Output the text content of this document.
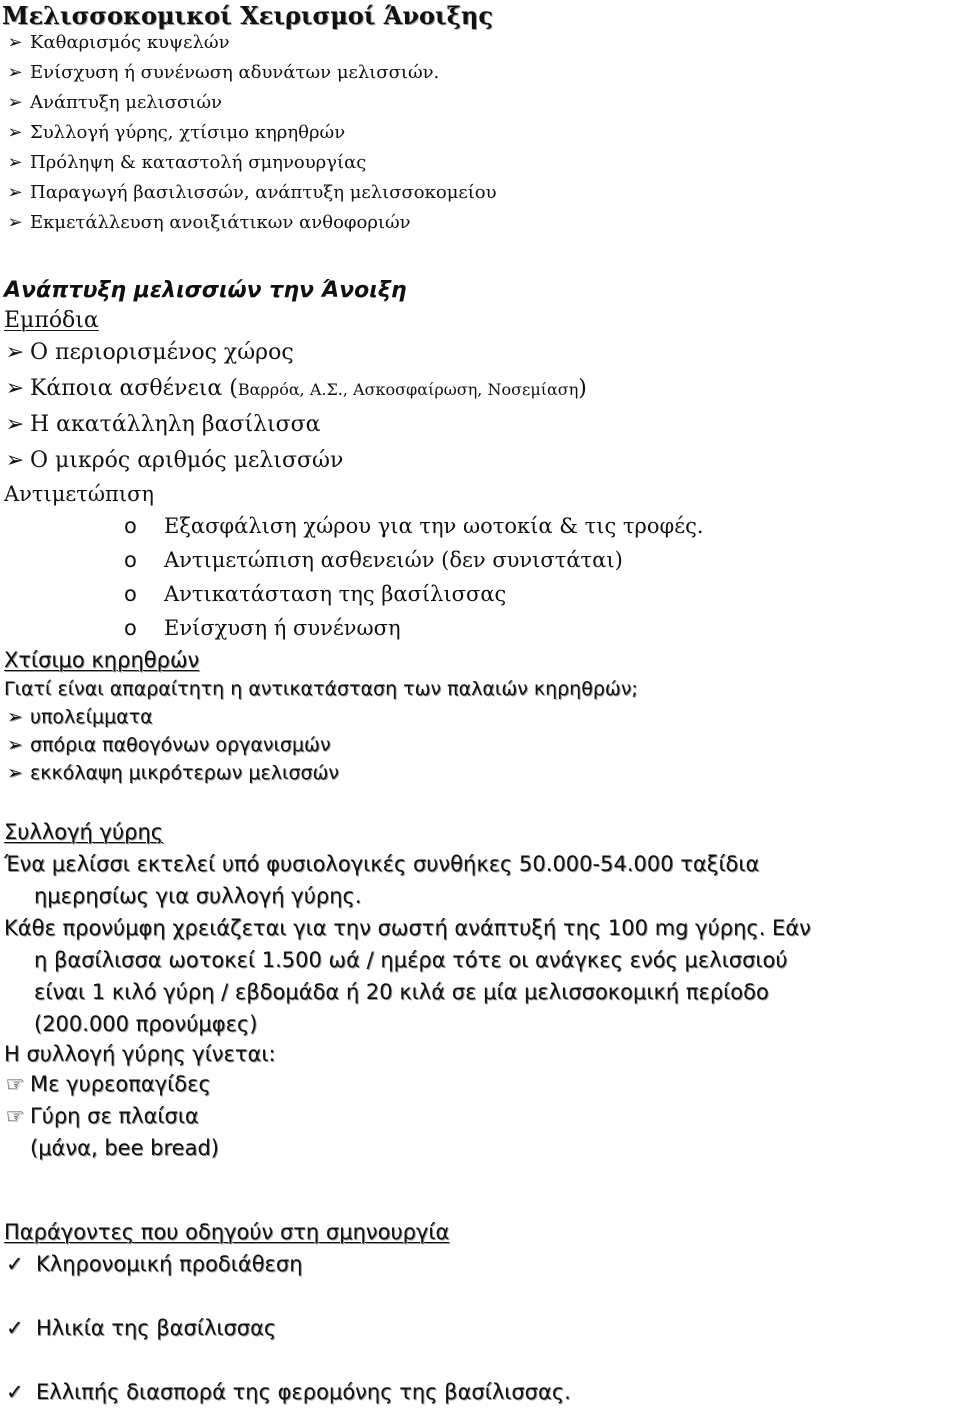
Μελισσοκομικοί Χειρισμοί Άνοιξης
➢ Καθαρισμός κυψελών
➢ Ενίσχυση ή συνένωση αδυνάτων μελισσιών.
➢ Ανάπτυξη μελισσιών
➢ Συλλογή γύρης, χτίσιμο κηρηθρών
➢ Πρόληψη & καταστολή σμηνουργίας
➢ Παραγωγή βασιλισσών, ανάπτυξη μελισσοκομείου
➢ Εκμετάλλευση ανοιξιάτικων ανθοφοριών
Ανάπτυξη μελισσιών την Άνοιξη
Εμπόδια
➢ Ο περιορισμένος χώρος
➢ Κάποια ασθένεια (Βαρρόα, Α.Σ., Ασκοσφαίρωση, Νοσεμίαση)
➢ Η ακατάλληλη βασίλισσα
➢ Ο μικρός αριθμός μελισσών
Αντιμετώπιση
o Εξασφάλιση χώρου για την ωοτοκία & τις τροφές.
o Αντιμετώπιση ασθενειών (δεν συνιστάται)
o Αντικατάσταση της βασίλισσας
o Ενίσχυση ή συνένωση
Χτίσιμο κηρηθρών
Γιατί είναι απαραίτητη η αντικατάσταση των παλαιών κηρηθρών;
➢ υπολείμματα
➢ σπόρια παθογόνων οργανισμών
➢ εκκόλαψη μικρότερων μελισσών
Συλλογή γύρης
Ένα μελίσσι εκτελεί υπό φυσιολογικές συνθήκες 50.000-54.000 ταξίδια
ημερησίως για συλλογή γύρης.
Κάθε προνύμφη χρειάζεται για την σωστή ανάπτυξή της 100 mg γύρης. Εάν
η βασίλισσα ωοτοκεί 1.500 ωά / ημέρα τότε οι ανάγκες ενός μελισσιού
είναι 1 κιλό γύρη / εβδομάδα ή 20 κιλά σε μία μελισσοκομική περίοδο
(200.000 προνύμφες)
Η συλλογή γύρης γίνεται:
☞ Με γυρεοπαγίδες
☞ Γύρη σε πλαίσια
(μάνα, bee bread)
Παράγοντες που οδηγούν στη σμηνουργία
✓ Κληρονομική προδιάθεση
✓ Ηλικία της βασίλισσας
✓ Ελλιπής διασπορά της φερομόνης της βασίλισσας.
